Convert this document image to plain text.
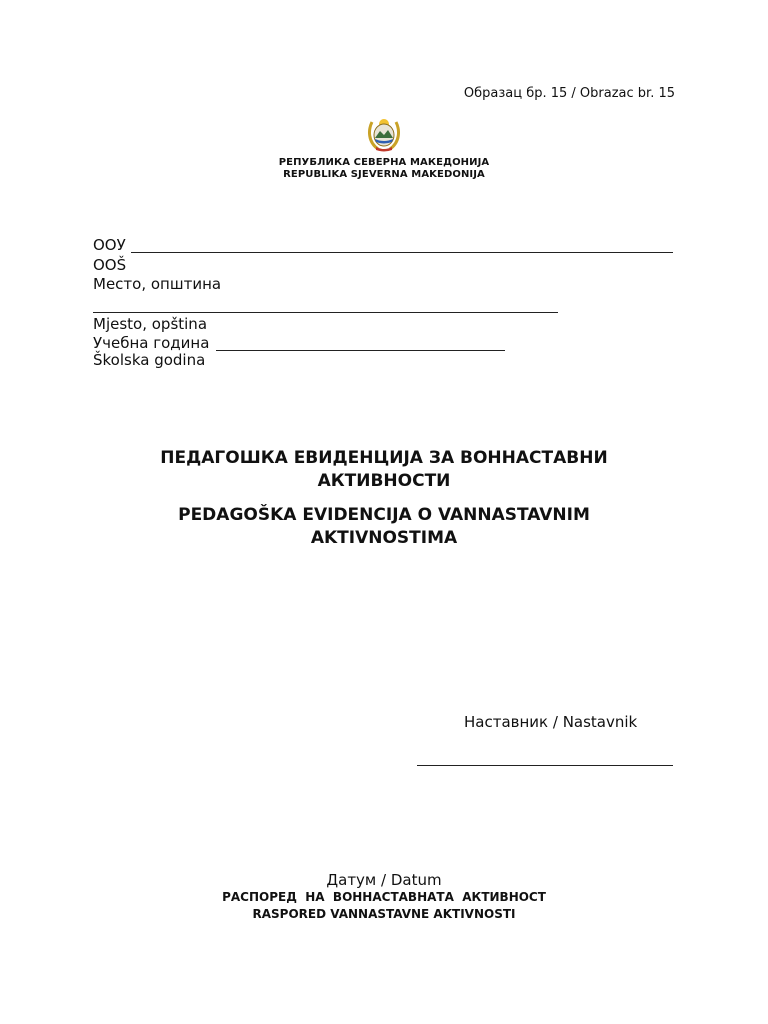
Образац бр. 15 / Obrazac br. 15
РЕПУБЛИКА СЕВЕРНА МАКЕДОНИЈА
REPUBLIKA SJEVERNA MAKEDONIJA
ООУ
OOŠ
Место, општина
Mjesto, opština
Учебна година
Školska godina
ПЕДАГОШКА ЕВИДЕНЦИЈА ЗА ВОННАСТАВНИ АКТИВНОСТИ
PEDAGOŠKA EVIDENCIJA O VANNASTAVNIM AKTIVNOSTIMA
Наставник / Nastavnik
Датум / Datum
РАСПОРЕД  НА  ВОННАСТАВНАТА  АКТИВНОСТ
RASPORED VANNASTAVNE AKTIVNOSTI
